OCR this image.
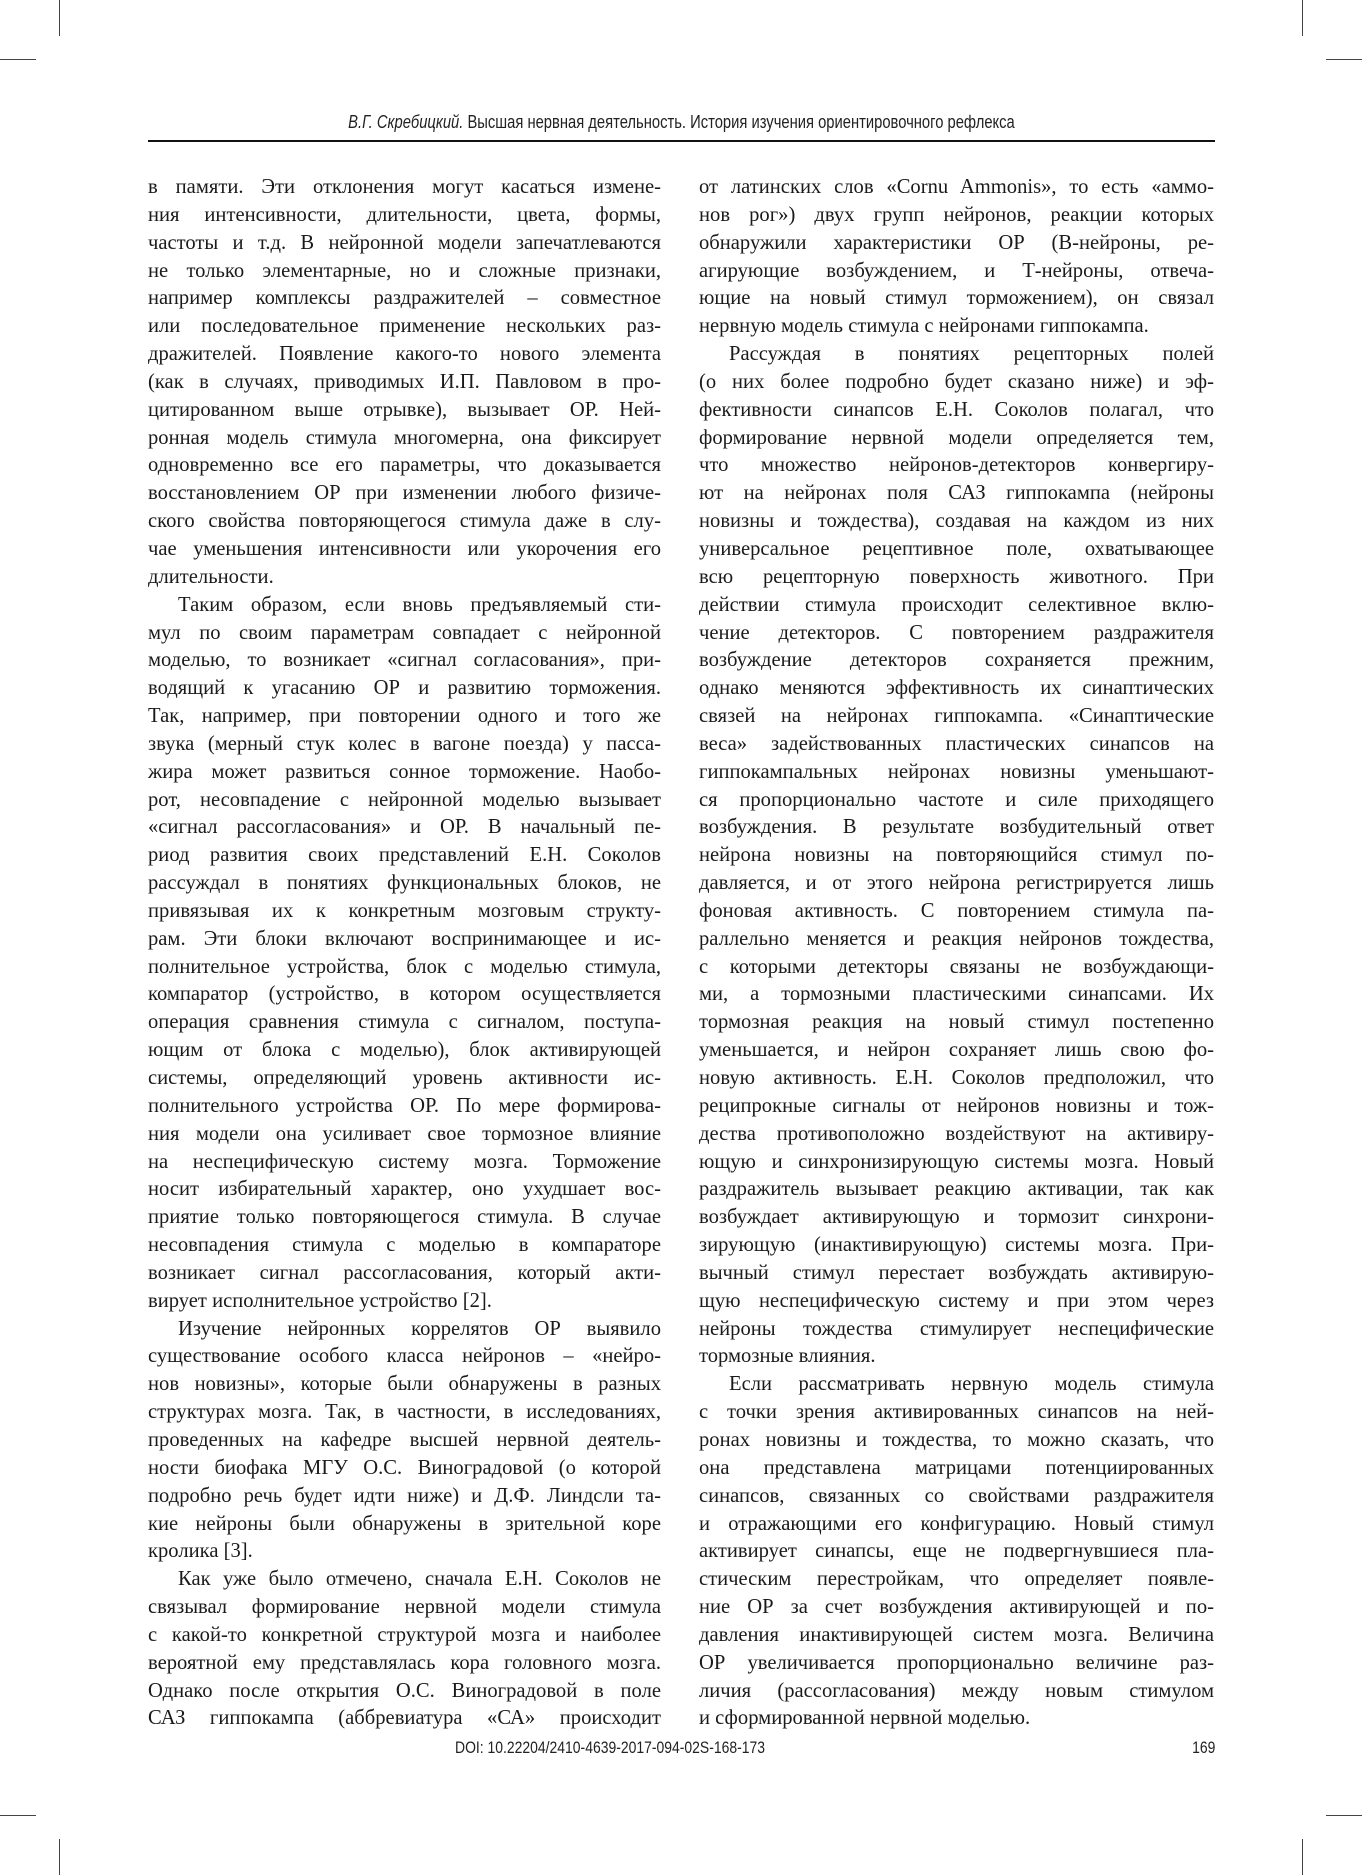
В.Г. Скребицкий. Высшая нервная деятельность. История изучения ориентировочного рефлекса
в памяти. Эти отклонения могут касаться измене-
ния интенсивности, длительности, цвета, формы,
частоты и т.д. В нейронной модели запечатлеваются
не только элементарные, но и сложные признаки,
например комплексы раздражителей – совместное
или последовательное применение нескольких раз-
дражителей. Появление какого-то нового элемента
(как в случаях, приводимых И.П. Павловом в про-
цитированном выше отрывке), вызывает ОР. Ней-
ронная модель стимула многомерна, она фиксирует
одновременно все его параметры, что доказывается
восстановлением ОР при изменении любого физиче-
ского свойства повторяющегося стимула даже в слу-
чае уменьшения интенсивности или укорочения его
длительности.
Таким образом, если вновь предъявляемый сти-
мул по своим параметрам совпадает с нейронной
моделью, то возникает «сигнал согласования», при-
водящий к угасанию ОР и развитию торможения.
Так, например, при повторении одного и того же
звука (мерный стук колес в вагоне поезда) у пасса-
жира может развиться сонное торможение. Наобо-
рот, несовпадение с нейронной моделью вызывает
«сигнал рассогласования» и ОР. В начальный пе-
риод развития своих представлений Е.Н. Соколов
рассуждал в понятиях функциональных блоков, не
привязывая их к конкретным мозговым структу-
рам. Эти блоки включают воспринимающее и ис-
полнительное устройства, блок с моделью стимула,
компаратор (устройство, в котором осуществляется
операция сравнения стимула с сигналом, поступа-
ющим от блока с моделью), блок активирующей
системы, определяющий уровень активности ис-
полнительного устройства ОР. По мере формирова-
ния модели она усиливает свое тормозное влияние
на неспецифическую систему мозга. Торможение
носит избирательный характер, оно ухудшает вос-
приятие только повторяющегося стимула. В случае
несовпадения стимула с моделью в компараторе
возникает сигнал рассогласования, который акти-
вирует исполнительное устройство [2].
Изучение нейронных коррелятов ОР выявило
существование особого класса нейронов – «нейро-
нов новизны», которые были обнаружены в разных
структурах мозга. Так, в частности, в исследованиях,
проведенных на кафедре высшей нервной деятель-
ности биофака МГУ О.С. Виноградовой (о которой
подробно речь будет идти ниже) и Д.Ф. Линдсли та-
кие нейроны были обнаружены в зрительной коре
кролика [3].
Как уже было отмечено, сначала Е.Н. Соколов не
связывал формирование нервной модели стимула
с какой-то конкретной структурой мозга и наиболее
вероятной ему представлялась кора головного мозга.
Однако после открытия О.С. Виноградовой в поле
САЗ гиппокампа (аббревиатура «СА» происходит
от латинских слов «Cornu Ammonis», то есть «аммо-
нов рог») двух групп нейронов, реакции которых
обнаружили характеристики ОР (В-нейроны, ре-
агирующие возбуждением, и Т-нейроны, отвеча-
ющие на новый стимул торможением), он связал
нервную модель стимула с нейронами гиппокампа.
Рассуждая в понятиях рецепторных полей
(о них более подробно будет сказано ниже) и эф-
фективности синапсов Е.Н. Соколов полагал, что
формирование нервной модели определяется тем,
что множество нейронов-детекторов конвергиру-
ют на нейронах поля САЗ гиппокампа (нейроны
новизны и тождества), создавая на каждом из них
универсальное рецептивное поле, охватывающее
всю рецепторную поверхность животного. При
действии стимула происходит селективное вклю-
чение детекторов. С повторением раздражителя
возбуждение детекторов сохраняется прежним,
однако меняются эффективность их синаптических
связей на нейронах гиппокампа. «Синаптические
веса» задействованных пластических синапсов на
гиппокампальных нейронах новизны уменьшают-
ся пропорционально частоте и силе приходящего
возбуждения. В результате возбудительный ответ
нейрона новизны на повторяющийся стимул по-
давляется, и от этого нейрона регистрируется лишь
фоновая активность. С повторением стимула па-
раллельно меняется и реакция нейронов тождества,
с которыми детекторы связаны не возбуждающи-
ми, а тормозными пластическими синапсами. Их
тормозная реакция на новый стимул постепенно
уменьшается, и нейрон сохраняет лишь свою фо-
новую активность. Е.Н. Соколов предположил, что
реципрокные сигналы от нейронов новизны и тож-
дества противоположно воздействуют на активиру-
ющую и синхронизирующую системы мозга. Новый
раздражитель вызывает реакцию активации, так как
возбуждает активирующую и тормозит синхрони-
зирующую (инактивирующую) системы мозга. При-
вычный стимул перестает возбуждать активирую-
щую неспецифическую систему и при этом через
нейроны тождества стимулирует неспецифические
тормозные влияния.
Если рассматривать нервную модель стимула
с точки зрения активированных синапсов на ней-
ронах новизны и тождества, то можно сказать, что
она представлена матрицами потенциированных
синапсов, связанных со свойствами раздражителя
и отражающими его конфигурацию. Новый стимул
активирует синапсы, еще не подвергнувшиеся пла-
стическим перестройкам, что определяет появле-
ние ОР за счет возбуждения активирующей и по-
давления инактивирующей систем мозга. Величина
ОР увеличивается пропорционально величине раз-
личия (рассогласования) между новым стимулом
и сформированной нервной моделью.
DOI: 10.22204/2410-4639-2017-094-02S-168-173	169
